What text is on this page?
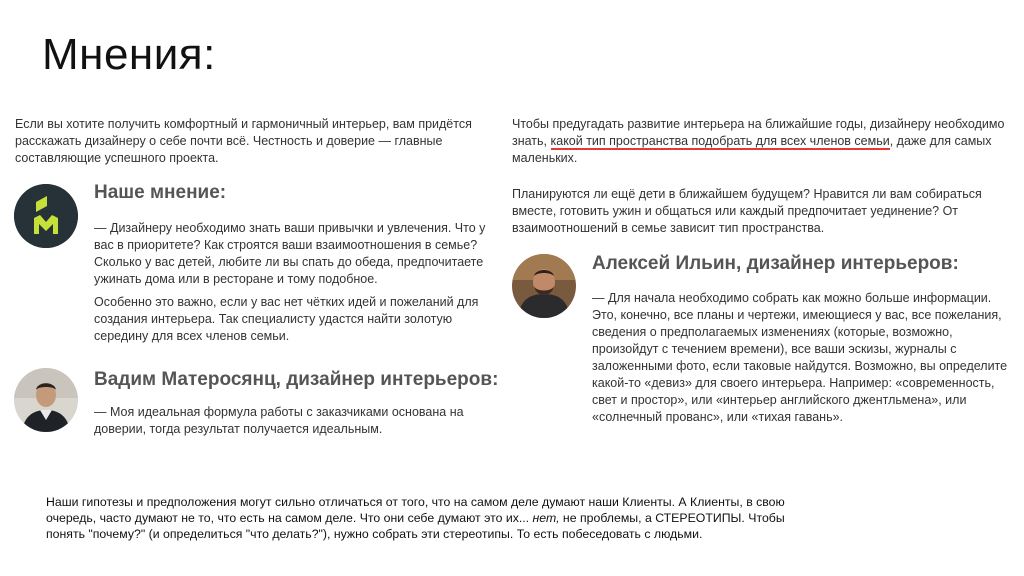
Мнения:
Если вы хотите получить комфортный и гармоничный интерьер, вам придётся расскажать дизайнеру о себе почти всё. Честность и доверие — главные составляющие успешного проекта.
Наше мнение:
— Дизайнеру необходимо знать ваши привычки и увлечения. Что у вас в приоритете? Как строятся ваши взаимоотношения в семье? Сколько у вас детей, любите ли вы спать до обеда, предпочитаете ужинать дома или в ресторане и тому подобное.
Особенно это важно, если у вас нет чётких идей и пожеланий для создания интерьера. Так специалисту удастся найти золотую середину для всех членов семьи.
Вадим Матеросянц, дизайнер интерьеров:
— Моя идеальная формула работы с заказчиками основана на доверии, тогда результат получается идеальным.
Чтобы предугадать развитие интерьера на ближайшие годы, дизайнеру необходимо знать, какой тип пространства подобрать для всех членов семьи, даже для самых маленьких.
Планируются ли ещё дети в ближайшем будущем? Нравится ли вам собираться вместе, готовить ужин и общаться или каждый предпочитает уединение? От взаимоотношений в семье зависит тип пространства.
Алексей Ильин, дизайнер интерьеров:
— Для начала необходимо собрать как можно больше информации. Это, конечно, все планы и чертежи, имеющиеся у вас, все пожелания, сведения о предполагаемых изменениях (которые, возможно, произойдут с течением времени), все ваши эскизы, журналы с заложенными фото, если таковые найдутся. Возможно, вы определите какой-то «девиз» для своего интерьера. Например: «современность, свет и простор», или «интерьер английского джентльмена», или «солнечный прованс», или «тихая гавань».
Наши гипотезы и предположения могут сильно отличаться от того, что на самом деле думают наши Клиенты. А Клиенты, в свою очередь, часто думают не то, что есть на самом деле. Что они себе думают это их... нет, не проблемы, а СТЕРЕОТИПЫ. Чтобы понять "почему?" (и определиться "что делать?"), нужно собрать эти стереотипы. То есть побеседовать с людьми.
